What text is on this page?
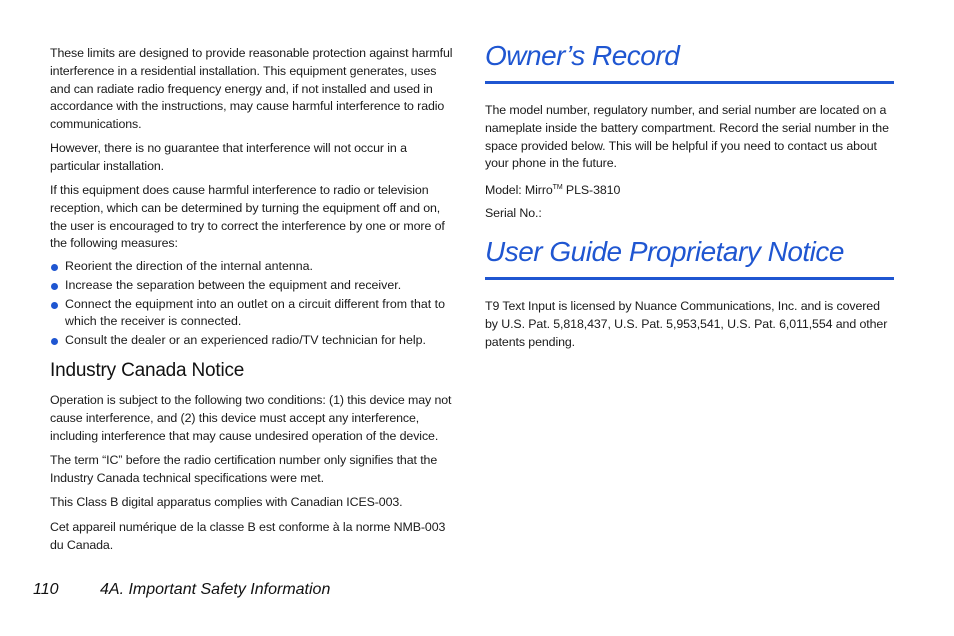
These limits are designed to provide reasonable protection against harmful interference in a residential installation. This equipment generates, uses and can radiate radio frequency energy and, if not installed and used in accordance with the instructions, may cause harmful interference to radio communications.

However, there is no guarantee that interference will not occur in a particular installation.

If this equipment does cause harmful interference to radio or television reception, which can be determined by turning the equipment off and on, the user is encouraged to try to correct the interference by one or more of the following measures:

Reorient the direction of the internal antenna.
Increase the separation between the equipment and receiver.
Connect the equipment into an outlet on a circuit different from that to which the receiver is connected.
Consult the dealer or an experienced radio/TV technician for help.
Industry Canada Notice

Operation is subject to the following two conditions: (1) this device may not cause interference, and (2) this device must accept any interference, including interference that may cause undesired operation of the device.

The term “IC” before the radio certification number only signifies that the Industry Canada technical specifications were met.

This Class B digital apparatus complies with Canadian ICES-003.

Cet appareil numérique de la classe B est conforme à la norme NMB-003 du Canada.

Owner’s Record

The model number, regulatory number, and serial number are located on a nameplate inside the battery compartment. Record the serial number in the space provided below. This will be helpful if you need to contact us about your phone in the future.

Model: Mirro™ PLS-3810

Serial No.:

User Guide Proprietary Notice

T9 Text Input is licensed by Nuance Communications, Inc. and is covered by U.S. Pat. 5,818,437, U.S. Pat. 5,953,541, U.S. Pat. 6,011,554 and other patents pending.

110	4A. Important Safety Information
